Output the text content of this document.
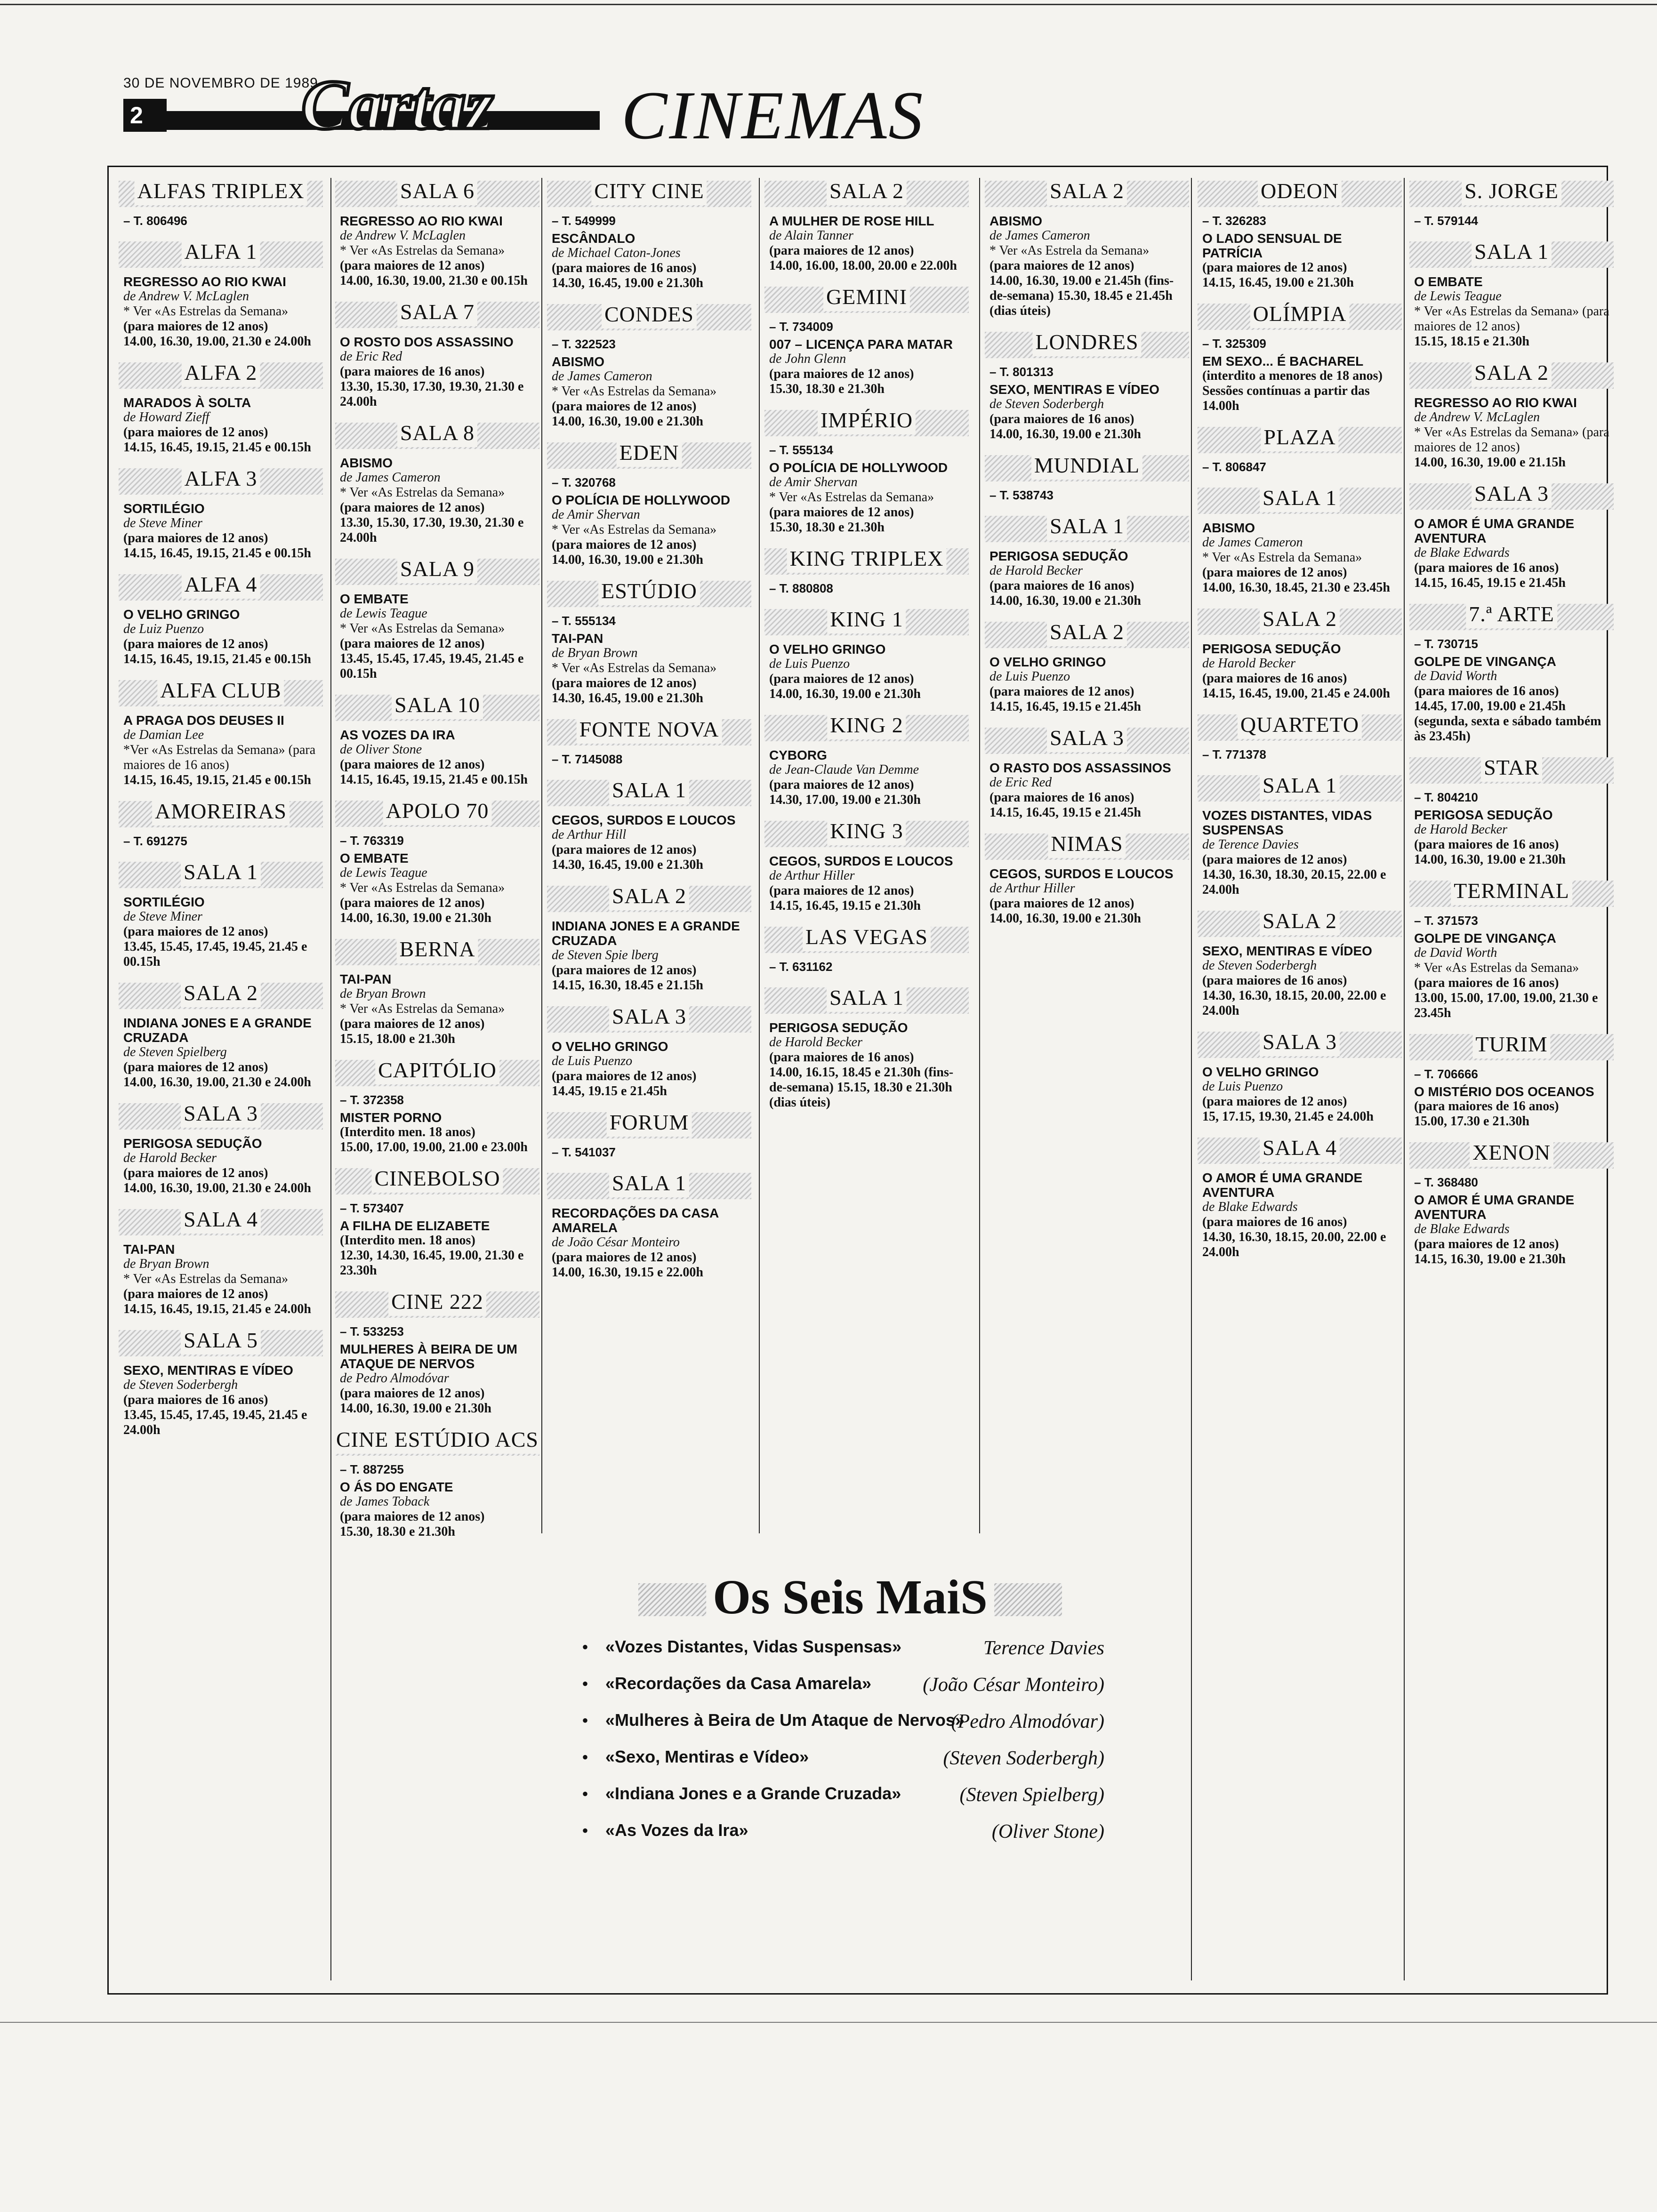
30 DE NOVEMBRO DE 1989
2	Cartaz CINEMAS
ALFAS TRIPLEX
– T. 806496
ALFA 1
REGRESSO AO RIO KWAI
de Andrew V. McLaglen
* Ver «As Estrelas da Semana»
(para maiores de 12 anos)
14.00, 16.30, 19.00, 21.30 e 24.00h
ALFA 2
MARADOS À SOLTA
de Howard Zieff
(para maiores de 12 anos)
14.15, 16.45, 19.15, 21.45 e 00.15h
ALFA 3
SORTILÉGIO
de Steve Miner
(para maiores de 12 anos)
14.15, 16.45, 19.15, 21.45 e 00.15h
ALFA 4
O VELHO GRINGO
de Luiz Puenzo
(para maiores de 12 anos)
14.15, 16.45, 19.15, 21.45 e 00.15h
ALFA CLUB
A PRAGA DOS DEUSES II
de Damian Lee
*Ver «As Estrelas da Semana» (para maiores de 16 anos)
14.15, 16.45, 19.15, 21.45 e 00.15h
AMOREIRAS
– T. 691275
SALA 1
SORTILÉGIO
de Steve Miner
(para maiores de 12 anos)
13.45, 15.45, 17.45, 19.45, 21.45 e 00.15h
SALA 2
INDIANA JONES E A GRANDE CRUZADA
de Steven Spielberg
(para maiores de 12 anos)
14.00, 16.30, 19.00, 21.30 e 24.00h
SALA 3
PERIGOSA SEDUÇÃO
de Harold Becker
(para maiores de 12 anos)
14.00, 16.30, 19.00, 21.30 e 24.00h
SALA 4
TAI-PAN
de Bryan Brown
* Ver «As Estrelas da Semana»
(para maiores de 12 anos)
14.15, 16.45, 19.15, 21.45 e 24.00h
SALA 5
SEXO, MENTIRAS E VÍDEO
de Steven Soderbergh
(para maiores de 16 anos)
13.45, 15.45, 17.45, 19.45, 21.45 e 24.00h
SALA 6
REGRESSO AO RIO KWAI
de Andrew V. McLaglen
* Ver «As Estrelas da Semana»
(para maiores de 12 anos)
14.00, 16.30, 19.00, 21.30 e 00.15h
SALA 7
O ROSTO DOS ASSASSINO
de Eric Red
(para maiores de 16 anos)
13.30, 15.30, 17.30, 19.30, 21.30 e 24.00h
SALA 8
ABISMO
de James Cameron
* Ver «As Estrelas da Semana»
(para maiores de 12 anos)
13.30, 15.30, 17.30, 19.30, 21.30 e 24.00h
SALA 9
O EMBATE
de Lewis Teague
* Ver «As Estrelas da Semana»
(para maiores de 12 anos)
13.45, 15.45, 17.45, 19.45, 21.45 e 00.15h
SALA 10
AS VOZES DA IRA
de Oliver Stone
(para maiores de 12 anos)
14.15, 16.45, 19.15, 21.45 e 00.15h
APOLO 70
– T. 763319
O EMBATE
de Lewis Teague
* Ver «As Estrelas da Semana»
(para maiores de 12 anos)
14.00, 16.30, 19.00 e 21.30h
BERNA
TAI-PAN
de Bryan Brown
* Ver «As Estrelas da Semana»
(para maiores de 12 anos)
15.15, 18.00 e 21.30h
CAPITÓLIO
– T. 372358
MISTER PORNO
(Interdito men. 18 anos)
15.00, 17.00, 19.00, 21.00 e 23.00h
CINEBOLSO
– T. 573407
A FILHA DE ELIZABETE
(Interdito men. 18 anos)
12.30, 14.30, 16.45, 19.00, 21.30 e 23.30h
CINE 222
– T. 533253
MULHERES À BEIRA DE UM ATAQUE DE NERVOS
de Pedro Almodóvar
(para maiores de 12 anos)
14.00, 16.30, 19.00 e 21.30h
CINE ESTÚDIO ACS
– T. 887255
O ÁS DO ENGATE
de James Toback
(para maiores de 12 anos)
15.30, 18.30 e 21.30h
CITY CINE
– T. 549999
ESCÂNDALO
de Michael Caton-Jones
(para maiores de 16 anos)
14.30, 16.45, 19.00 e 21.30h
CONDES
– T. 322523
ABISMO
de James Cameron
* Ver «As Estrelas da Semana»
(para maiores de 12 anos)
14.00, 16.30, 19.00 e 21.30h
EDEN
– T. 320768
O POLÍCIA DE HOLLYWOOD
de Amir Shervan
* Ver «As Estrelas da Semana»
(para maiores de 12 anos)
14.00, 16.30, 19.00 e 21.30h
ESTÚDIO
– T. 555134
TAI-PAN
de Bryan Brown
* Ver «As Estrelas da Semana»
(para maiores de 12 anos)
14.30, 16.45, 19.00 e 21.30h
FONTE NOVA
– T. 7145088
SALA 1
CEGOS, SURDOS E LOUCOS
de Arthur Hill
(para maiores de 12 anos)
14.30, 16.45, 19.00 e 21.30h
SALA 2
INDIANA JONES E A GRANDE CRUZADA
de Steven Spie lberg
(para maiores de 12 anos)
14.15, 16.30, 18.45 e 21.15h
SALA 3
O VELHO GRINGO
de Luis Puenzo
(para maiores de 12 anos)
14.45, 19.15 e 21.45h
FORUM
– T. 541037
SALA 1
RECORDAÇÕES DA CASA AMARELA
de João César Monteiro
(para maiores de 12 anos)
14.00, 16.30, 19.15 e 22.00h
SALA 2
A MULHER DE ROSE HILL
de Alain Tanner
(para maiores de 12 anos)
14.00, 16.00, 18.00, 20.00 e 22.00h
GEMINI
– T. 734009
007 – LICENÇA PARA MATAR
de John Glenn
(para maiores de 12 anos)
15.30, 18.30 e 21.30h
IMPÉRIO
– T. 555134
O POLÍCIA DE HOLLYWOOD
de Amir Shervan
* Ver «As Estrelas da Semana»
(para maiores de 12 anos)
15.30, 18.30 e 21.30h
KING TRIPLEX
– T. 880808
KING 1
O VELHO GRINGO
de Luis Puenzo
(para maiores de 12 anos)
14.00, 16.30, 19.00 e 21.30h
KING 2
CYBORG
de Jean-Claude Van Demme
(para maiores de 12 anos)
14.30, 17.00, 19.00 e 21.30h
KING 3
CEGOS, SURDOS E LOUCOS
de Arthur Hiller
(para maiores de 12 anos)
14.15, 16.45, 19.15 e 21.30h
LAS VEGAS
– T. 631162
SALA 1
PERIGOSA SEDUÇÃO
de Harold Becker
(para maiores de 16 anos)
14.00, 16.15, 18.45 e 21.30h (fins-de-semana) 15.15, 18.30 e 21.30h (dias úteis)
SALA 2
ABISMO
de James Cameron
* Ver «As Estrela da Semana»
(para maiores de 12 anos)
14.00, 16.30, 19.00 e 21.45h (fins-de-semana) 15.30, 18.45 e 21.45h (dias úteis)
LONDRES
– T. 801313
SEXO, MENTIRAS E VÍDEO
de Steven Soderbergh
(para maiores de 16 anos)
14.00, 16.30, 19.00 e 21.30h
MUNDIAL
– T. 538743
SALA 1
PERIGOSA SEDUÇÃO
de Harold Becker
(para maiores de 16 anos)
14.00, 16.30, 19.00 e 21.30h
SALA 2
O VELHO GRINGO
de Luis Puenzo
(para maiores de 12 anos)
14.15, 16.45, 19.15 e 21.45h
SALA 3
O RASTO DOS ASSASSINOS
de Eric Red
(para maiores de 16 anos)
14.15, 16.45, 19.15 e 21.45h
NIMAS
CEGOS, SURDOS E LOUCOS
de Arthur Hiller
(para maiores de 12 anos)
14.00, 16.30, 19.00 e 21.30h
ODEON
– T. 326283
O LADO SENSUAL DE PATRÍCIA
(para maiores de 12 anos)
14.15, 16.45, 19.00 e 21.30h
OLÍMPIA
– T. 325309
EM SEXO... É BACHAREL
(interdito a menores de 18 anos)
Sessões contínuas a partir das 14.00h
PLAZA
– T. 806847
SALA 1
ABISMO
de James Cameron
* Ver «As Estrela da Semana»
(para maiores de 12 anos)
14.00, 16.30, 18.45, 21.30 e 23.45h
SALA 2
PERIGOSA SEDUÇÃO
de Harold Becker
(para maiores de 16 anos)
14.15, 16.45, 19.00, 21.45 e 24.00h
QUARTETO
– T. 771378
SALA 1
VOZES DISTANTES, VIDAS SUSPENSAS
de Terence Davies
(para maiores de 12 anos)
14.30, 16.30, 18.30, 20.15, 22.00 e 24.00h
SALA 2
SEXO, MENTIRAS E VÍDEO
de Steven Soderbergh
(para maiores de 16 anos)
14.30, 16.30, 18.15, 20.00, 22.00 e 24.00h
SALA 3
O VELHO GRINGO
de Luis Puenzo
(para maiores de 12 anos)
15, 17.15, 19.30, 21.45 e 24.00h
SALA 4
O AMOR É UMA GRANDE AVENTURA
de Blake Edwards
(para maiores de 16 anos)
14.30, 16.30, 18.15, 20.00, 22.00 e 24.00h
S. JORGE
– T. 579144
SALA 1
O EMBATE
de Lewis Teague
* Ver «As Estrelas da Semana» (para maiores de 12 anos)
15.15, 18.15 e 21.30h
SALA 2
REGRESSO AO RIO KWAI
de Andrew V. McLaglen
* Ver «As Estrelas da Semana» (para maiores de 12 anos)
14.00, 16.30, 19.00 e 21.15h
SALA 3
O AMOR É UMA GRANDE AVENTURA
de Blake Edwards
(para maiores de 16 anos)
14.15, 16.45, 19.15 e 21.45h
7.ª ARTE
– T. 730715
GOLPE DE VINGANÇA
de David Worth
(para maiores de 16 anos)
14.45, 17.00, 19.00 e 21.45h (segunda, sexta e sábado também às 23.45h)
STAR
– T. 804210
PERIGOSA SEDUÇÃO
de Harold Becker
(para maiores de 16 anos)
14.00, 16.30, 19.00 e 21.30h
TERMINAL
– T. 371573
GOLPE DE VINGANÇA
de David Worth
* Ver «As Estrelas da Semana»
(para maiores de 16 anos)
13.00, 15.00, 17.00, 19.00, 21.30 e 23.45h
TURIM
– T. 706666
O MISTÉRIO DOS OCEANOS
(para maiores de 16 anos)
15.00, 17.30 e 21.30h
XENON
– T. 368480
O AMOR É UMA GRANDE AVENTURA
de Blake Edwards
(para maiores de 12 anos)
14.15, 16.30, 19.00 e 21.30h
Os Seis MaiS
• «Vozes Distantes, Vidas Suspensas»	Terence Davies
• «Recordações da Casa Amarela»	(João César Monteiro)
• «Mulheres à Beira de Um Ataque de Nervos»
(Pedro Almodóvar)
• «Sexo, Mentiras e Vídeo»	(Steven Soderbergh)
• «Indiana Jones e a Grande Cruzada»	(Steven Spielberg)
• «As Vozes da Ira»	(Oliver Stone)
